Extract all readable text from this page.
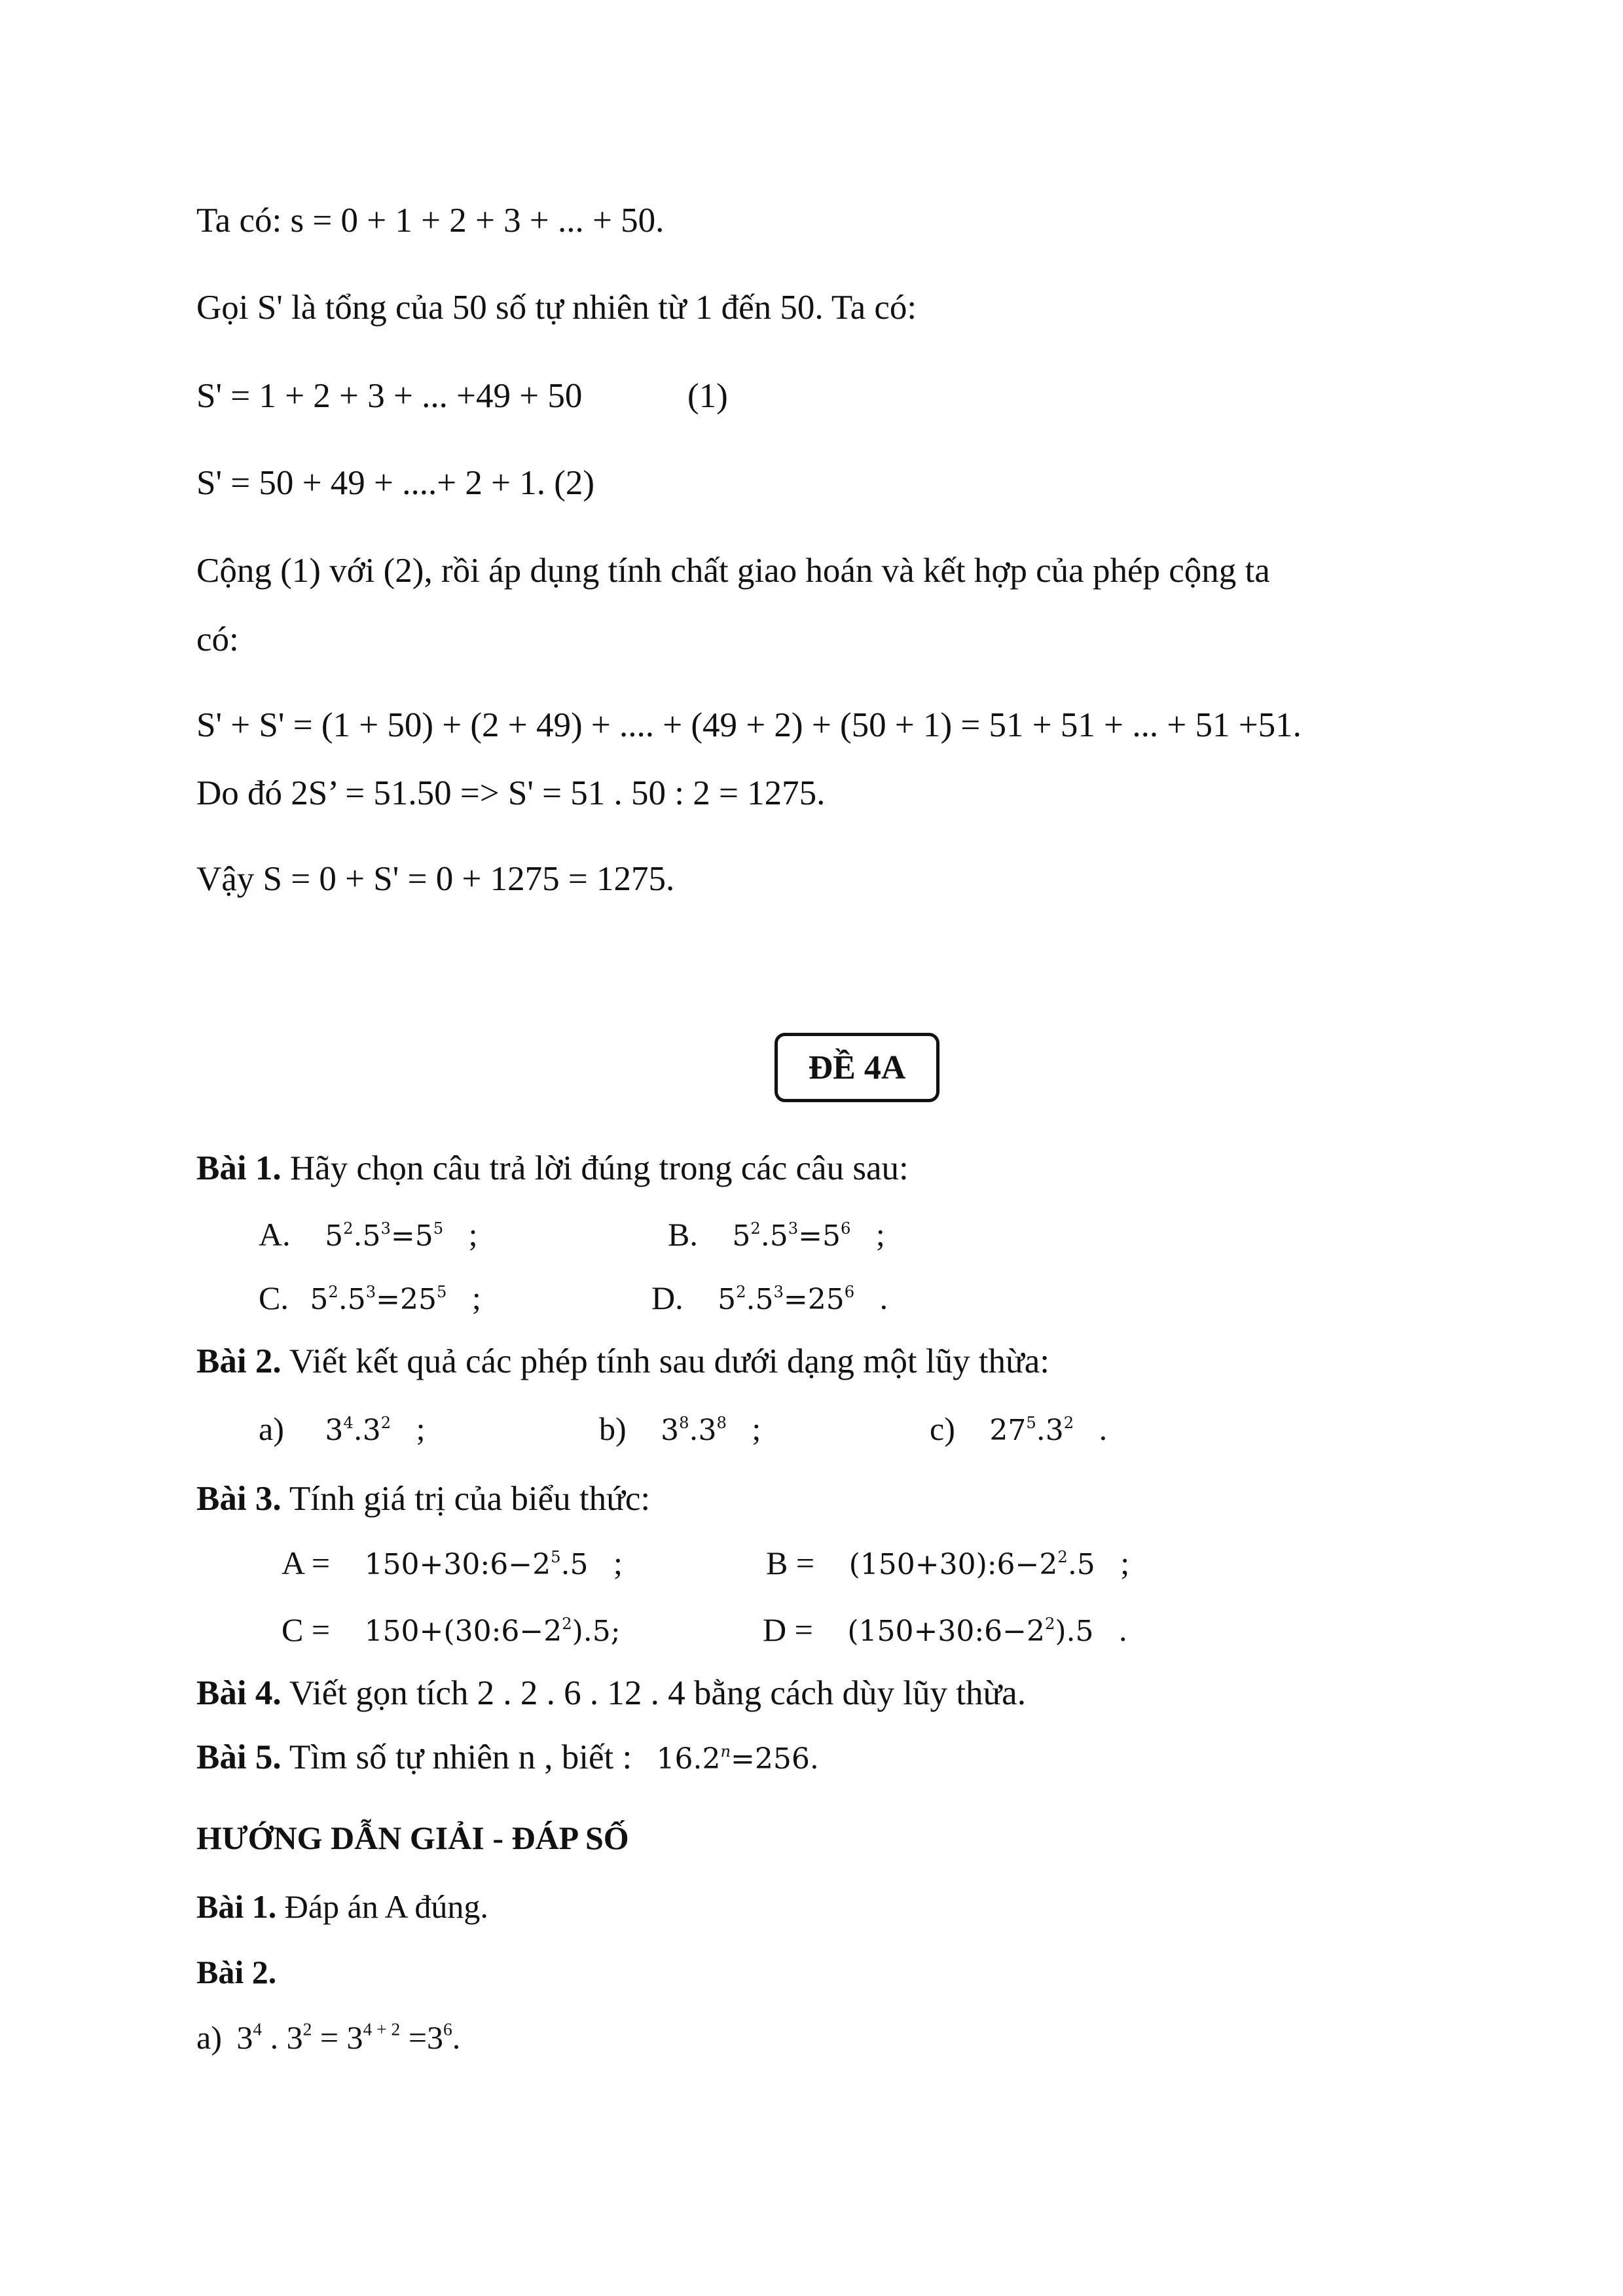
Ta có: s = 0 + 1 + 2 + 3 + ... + 50.
Gọi S' là tổng của 50 số tự nhiên từ 1 đến 50. Ta có:
S' = 1 + 2 + 3 + ... +49 + 50	(1)
S' = 50 + 49 + ....+ 2 + 1. (2)
Cộng (1) với (2), rồi áp dụng tính chất giao hoán và kết hợp của phép cộng ta
có:
S' + S' = (1 + 50) + (2 + 49) + .... + (49 + 2) + (50 + 1) = 51 + 51 + ... + 51 +51.
Do đó 2S’ = 51.50 => S' = 51 . 50 : 2 = 1275.
Vậy S = 0 + S' = 0 + 1275 = 1275.
ĐỀ 4A
Bài 1. Hãy chọn câu trả lời đúng trong các câu sau:
A. $5^2.5^3=5^5$ ;	B. $5^2.5^3=5^6$ ;
C. $5^2.5^3=25^5$ ;	D. $5^2.5^3=25^6$ .
Bài 2. Viết kết quả các phép tính sau dưới dạng một lũy thừa:
a) $3^4.3^2$ ;	b) $3^8.3^8$ ;	c) $27^5.3^2$ .
Bài 3. Tính giá trị của biểu thức:
$A = 150+30:6-2^5.5$ ;	$B = (150+30):6-2^2.5$ ;
$C = 150+(30:6-2^2).5$;	$D = (150+30:6-2^2).5$ .
Bài 4. Viết gọn tích 2 . 2 . 6 . 12 . 4 bằng cách dùy lũy thừa.
Bài 5. Tìm số tự nhiên n , biết : $16.2^n=256$.
HƯỚNG DẪN GIẢI - ĐÁP SỐ
Bài 1. Đáp án A đúng.
Bài 2.
a) $3^4$ . $3^2 = 3^{4 + 2} =3^6$.
